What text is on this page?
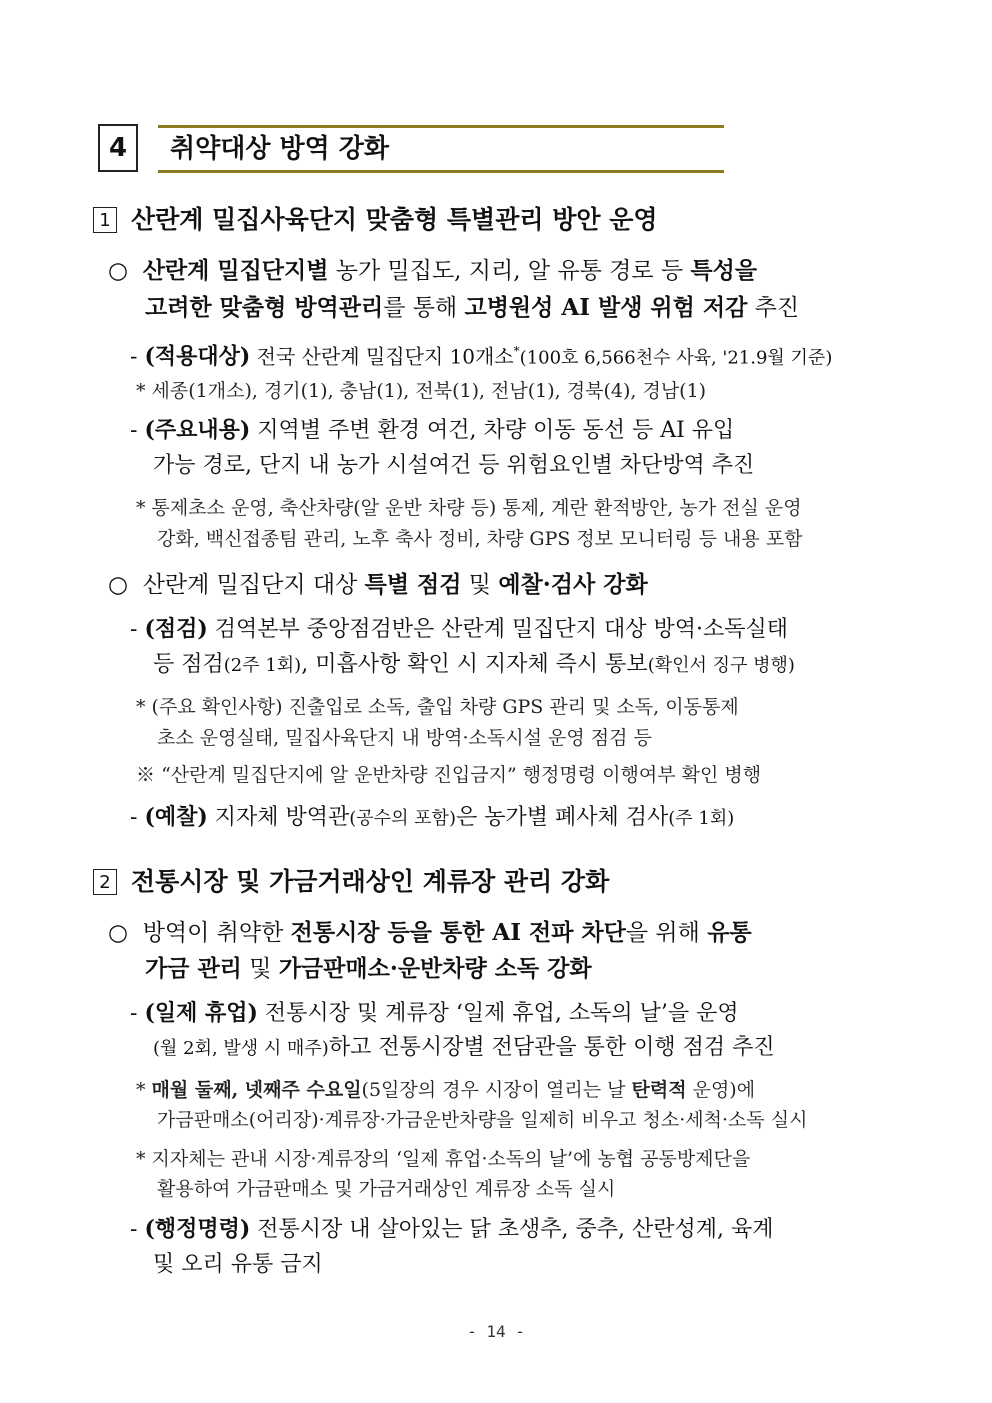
4 취약대상 방역 강화
1 산란계 밀집사육단지 맞춤형 특별관리 방안 운영
○ 산란계 밀집단지별 농가 밀집도, 지리, 알 유통 경로 등 특성을
고려한 맞춤형 방역관리를 통해 고병원성 AI 발생 위험 저감 추진
- (적용대상) 전국 산란계 밀집단지 10개소*(100호 6,566천수 사육, '21.9월 기준)
* 세종(1개소), 경기(1), 충남(1), 전북(1), 전남(1), 경북(4), 경남(1)
- (주요내용) 지역별 주변 환경 여건, 차량 이동 동선 등 AI 유입
가능 경로, 단지 내 농가 시설여건 등 위험요인별 차단방역 추진
* 통제초소 운영, 축산차량(알 운반 차량 등) 통제, 계란 환적방안, 농가 전실 운영
강화, 백신접종팀 관리, 노후 축사 정비, 차량 GPS 정보 모니터링 등 내용 포함
○ 산란계 밀집단지 대상 특별 점검 및 예찰·검사 강화
- (점검) 검역본부 중앙점검반은 산란계 밀집단지 대상 방역·소독실태
등 점검(2주 1회), 미흡사항 확인 시 지자체 즉시 통보(확인서 징구 병행)
* (주요 확인사항) 진출입로 소독, 출입 차량 GPS 관리 및 소독, 이동통제
초소 운영실태, 밀집사육단지 내 방역·소독시설 운영 점검 등
※ “산란계 밀집단지에 알 운반차량 진입금지” 행정명령 이행여부 확인 병행
- (예찰) 지자체 방역관(공수의 포함)은 농가별 폐사체 검사(주 1회)
2 전통시장 및 가금거래상인 계류장 관리 강화
○ 방역이 취약한 전통시장 등을 통한 AI 전파 차단을 위해 유통
가금 관리 및 가금판매소·운반차량 소독 강화
- (일제 휴업) 전통시장 및 계류장 ‘일제 휴업, 소독의 날’을 운영
(월 2회, 발생 시 매주)하고 전통시장별 전담관을 통한 이행 점검 추진
* 매월 둘째, 넷째주 수요일(5일장의 경우 시장이 열리는 날 탄력적 운영)에
가금판매소(어리장)·계류장·가금운반차량을 일제히 비우고 청소·세척·소독 실시
* 지자체는 관내 시장·계류장의 ‘일제 휴업·소독의 날’에 농협 공동방제단을
활용하여 가금판매소 및 가금거래상인 계류장 소독 실시
- (행정명령) 전통시장 내 살아있는 닭 초생추, 중추, 산란성계, 육계
및 오리 유통 금지
- 14 -
